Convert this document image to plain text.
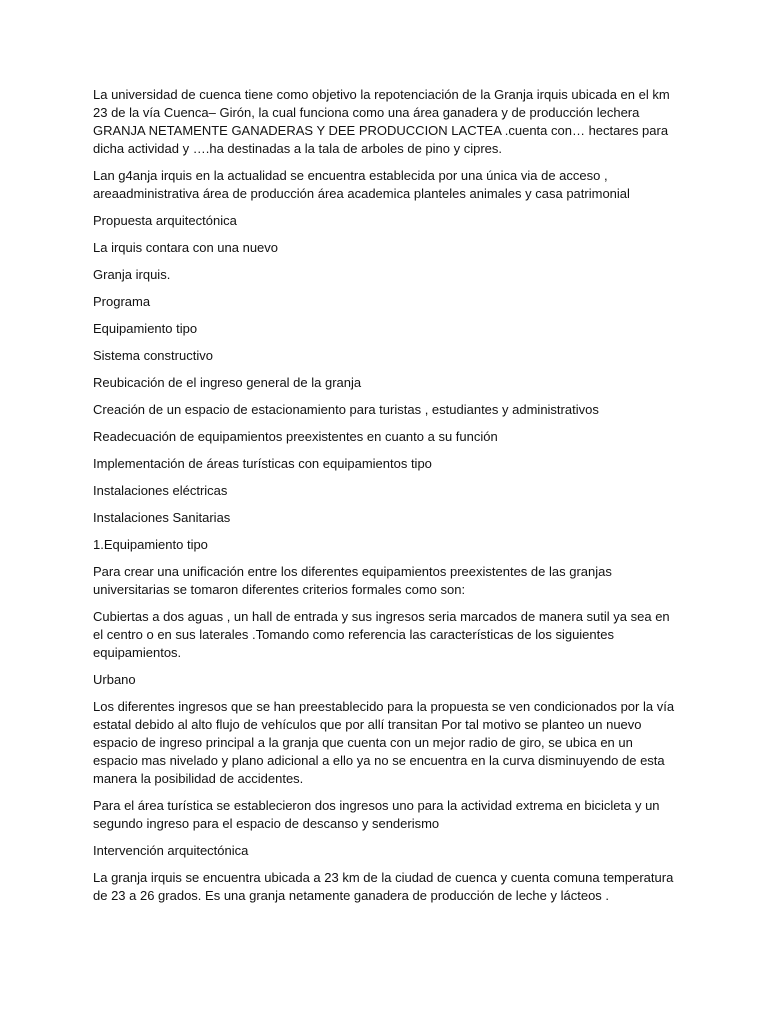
La universidad de cuenca tiene como objetivo la repotenciación de la Granja irquis ubicada en el km 23 de la vía Cuenca– Girón, la cual funciona como una área ganadera y de producción lechera GRANJA NETAMENTE GANADERAS Y DEE PRODUCCION LACTEA .cuenta con… hectares para dicha actividad y ….ha destinadas a la tala de arboles de pino y cipres.

Lan g4anja irquis en la actualidad se encuentra establecida por una única via de acceso , areaadministrativa área de producción área academica planteles animales y casa patrimonial

Propuesta arquitectónica

La irquis contara con una nuevo

Granja irquis.

Programa

Equipamiento tipo

Sistema constructivo

Reubicación de el ingreso general de la granja

Creación de un espacio de estacionamiento para turistas , estudiantes y administrativos

Readecuación de equipamientos preexistentes en cuanto a su función

Implementación de áreas turísticas con equipamientos tipo

Instalaciones eléctricas

Instalaciones Sanitarias

1.Equipamiento tipo

Para crear una unificación entre los diferentes equipamientos preexistentes de las granjas universitarias se tomaron diferentes criterios formales como son:

Cubiertas a dos aguas , un hall de entrada y sus ingresos seria marcados de manera sutil ya sea en el centro o en sus laterales .Tomando como referencia las características de los siguientes equipamientos.

Urbano

Los diferentes ingresos que se han preestablecido para la propuesta se ven condicionados por la vía estatal debido al alto flujo de vehículos que por allí transitan Por tal motivo se planteo un nuevo espacio de ingreso principal a la granja que cuenta con un mejor radio de giro, se ubica en un espacio mas nivelado y plano adicional a ello ya no se encuentra en la curva disminuyendo de esta manera la posibilidad de accidentes.

Para el área turística se establecieron dos ingresos uno para la actividad extrema en bicicleta y un segundo ingreso para el espacio de descanso y senderismo

Intervención arquitectónica

La granja irquis se encuentra ubicada a 23 km de la ciudad de cuenca y cuenta comuna temperatura de 23 a 26 grados. Es una granja netamente ganadera de producción de leche y lácteos .
